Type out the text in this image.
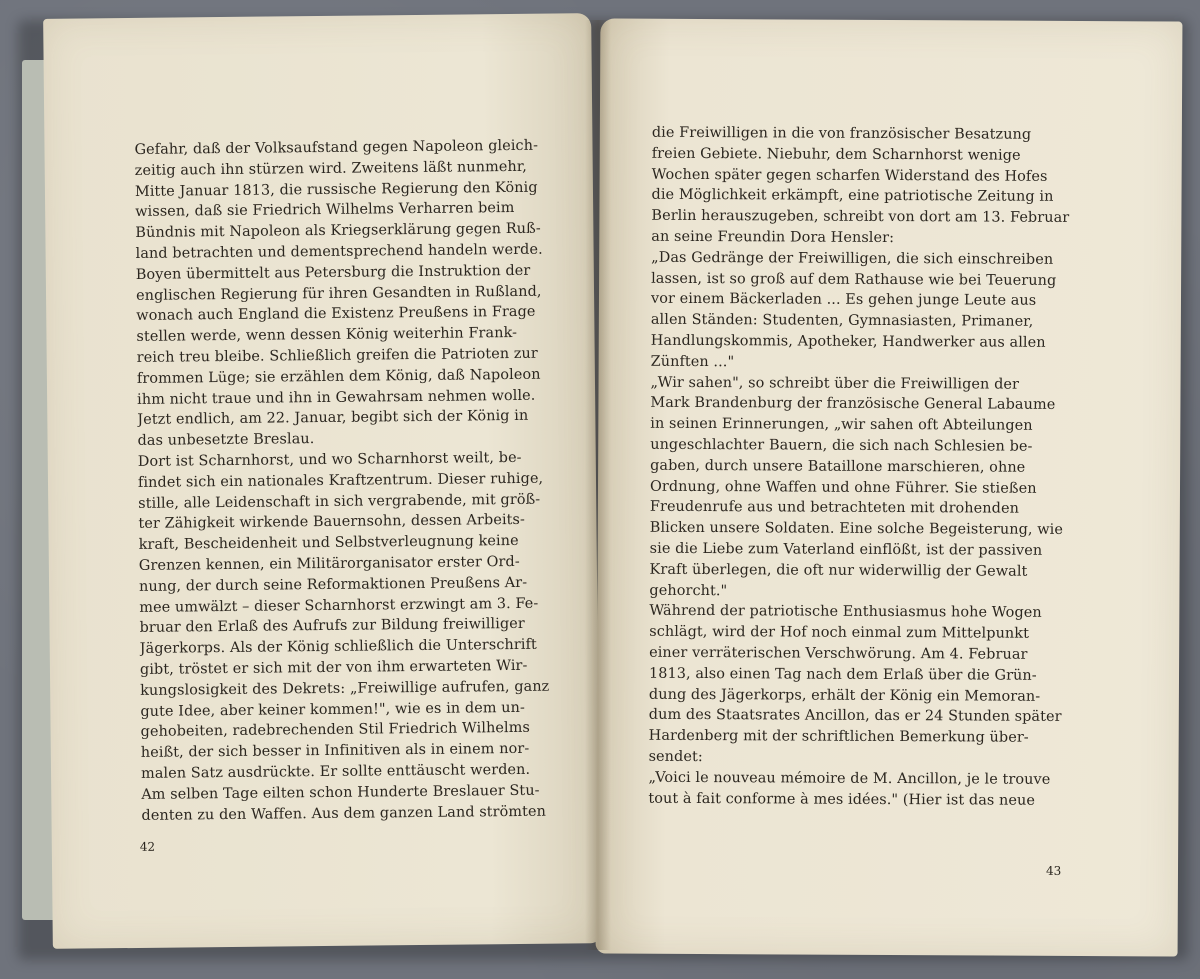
Gefahr, daß der Volksaufstand gegen Napoleon gleich-
zeitig auch ihn stürzen wird. Zweitens läßt nunmehr,
Mitte Januar 1813, die russische Regierung den König
wissen, daß sie Friedrich Wilhelms Verharren beim
Bündnis mit Napoleon als Kriegserklärung gegen Ruß-
land betrachten und dementsprechend handeln werde.
Boyen übermittelt aus Petersburg die Instruktion der
englischen Regierung für ihren Gesandten in Rußland,
wonach auch England die Existenz Preußens in Frage
stellen werde, wenn dessen König weiterhin Frank-
reich treu bleibe. Schließlich greifen die Patrioten zur
frommen Lüge; sie erzählen dem König, daß Napoleon
ihm nicht traue und ihn in Gewahrsam nehmen wolle.
Jetzt endlich, am 22. Januar, begibt sich der König in
das unbesetzte Breslau.
Dort ist Scharnhorst, und wo Scharnhorst weilt, be-
findet sich ein nationales Kraftzentrum. Dieser ruhige,
stille, alle Leidenschaft in sich vergrabende, mit größ-
ter Zähigkeit wirkende Bauernsohn, dessen Arbeits-
kraft, Bescheidenheit und Selbstverleugnung keine
Grenzen kennen, ein Militärorganisator erster Ord-
nung, der durch seine Reformaktionen Preußens Ar-
mee umwälzt – dieser Scharnhorst erzwingt am 3. Fe-
bruar den Erlaß des Aufrufs zur Bildung freiwilliger
Jägerkorps. Als der König schließlich die Unterschrift
gibt, tröstet er sich mit der von ihm erwarteten Wir-
kungslosigkeit des Dekrets: „Freiwillige aufrufen, ganz
gute Idee, aber keiner kommen!", wie es in dem un-
gehobeiten, radebrechenden Stil Friedrich Wilhelms
heißt, der sich besser in Infinitiven als in einem nor-
malen Satz ausdrückte. Er sollte enttäuscht werden.
Am selben Tage eilten schon Hunderte Breslauer Stu-
denten zu den Waffen. Aus dem ganzen Land strömten
42
die Freiwilligen in die von französischer Besatzung
freien Gebiete. Niebuhr, dem Scharnhorst wenige
Wochen später gegen scharfen Widerstand des Hofes
die Möglichkeit erkämpft, eine patriotische Zeitung in
Berlin herauszugeben, schreibt von dort am 13. Februar
an seine Freundin Dora Hensler:
„Das Gedränge der Freiwilligen, die sich einschreiben
lassen, ist so groß auf dem Rathause wie bei Teuerung
vor einem Bäckerladen ... Es gehen junge Leute aus
allen Ständen: Studenten, Gymnasiasten, Primaner,
Handlungskommis, Apotheker, Handwerker aus allen
Zünften ..."
„Wir sahen", so schreibt über die Freiwilligen der
Mark Brandenburg der französische General Labaume
in seinen Erinnerungen, „wir sahen oft Abteilungen
ungeschlachter Bauern, die sich nach Schlesien be-
gaben, durch unsere Bataillone marschieren, ohne
Ordnung, ohne Waffen und ohne Führer. Sie stießen
Freudenrufe aus und betrachteten mit drohenden
Blicken unsere Soldaten. Eine solche Begeisterung, wie
sie die Liebe zum Vaterland einflößt, ist der passiven
Kraft überlegen, die oft nur widerwillig der Gewalt
gehorcht."
Während der patriotische Enthusiasmus hohe Wogen
schlägt, wird der Hof noch einmal zum Mittelpunkt
einer verräterischen Verschwörung. Am 4. Februar
1813, also einen Tag nach dem Erlaß über die Grün-
dung des Jägerkorps, erhält der König ein Memoran-
dum des Staatsrates Ancillon, das er 24 Stunden später
Hardenberg mit der schriftlichen Bemerkung über-
sendet:
„Voici le nouveau mémoire de M. Ancillon, je le trouve
tout à fait conforme à mes idées." (Hier ist das neue
43
